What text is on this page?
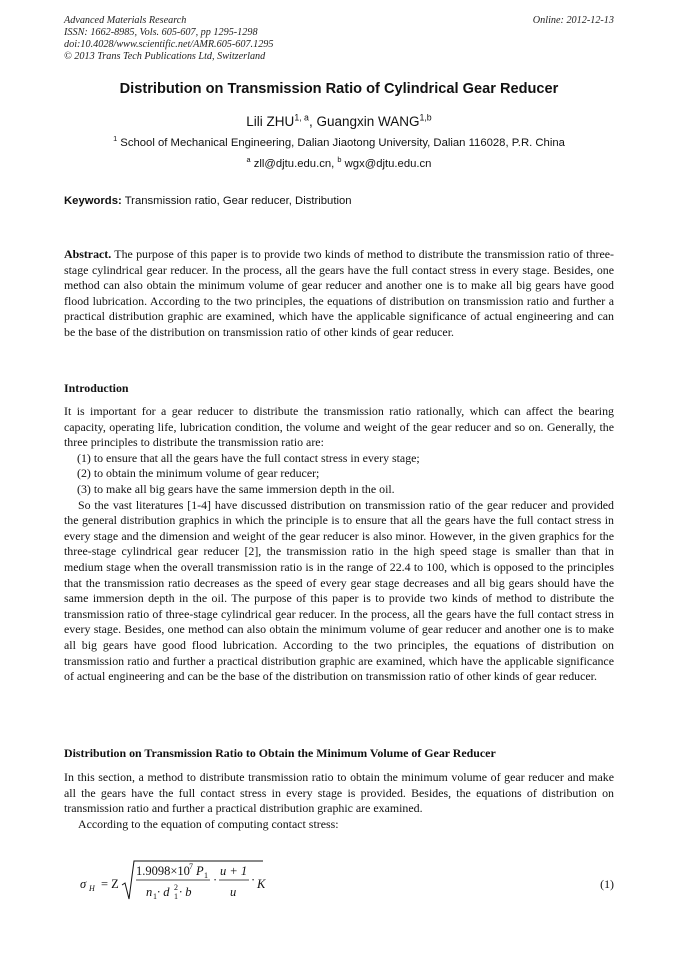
Advanced Materials Research
ISSN: 1662-8985, Vols. 605-607, pp 1295-1298
doi:10.4028/www.scientific.net/AMR.605-607.1295
© 2013 Trans Tech Publications Ltd, Switzerland
Online: 2012-12-13
Distribution on Transmission Ratio of Cylindrical Gear Reducer
Lili ZHU$^{1, a}$, Guangxin WANG$^{1,b}$
$^1$ School of Mechanical Engineering, Dalian Jiaotong University, Dalian 116028, P.R. China
$^a$ zll@djtu.edu.cn, $^b$ wgx@djtu.edu.cn
Keywords: Transmission ratio, Gear reducer, Distribution
Abstract. The purpose of this paper is to provide two kinds of method to distribute the transmission ratio of three-stage cylindrical gear reducer. In the process, all the gears have the full contact stress in every stage. Besides, one method can also obtain the minimum volume of gear reducer and another one is to make all big gears have good flood lubrication. According to the two principles, the equations of distribution on transmission ratio and further a practical distribution graphic are examined, which have the applicable significance of actual engineering and can be the base of the distribution on transmission ratio of other kinds of gear reducer.
Introduction

It is important for a gear reducer to distribute the transmission ratio rationally, which can affect the bearing capacity, operating life, lubrication condition, the volume and weight of the gear reducer and so on. Generally, the three principles to distribute the transmission ratio are:

(1) to ensure that all the gears have the full contact stress in every stage;

(2) to obtain the minimum volume of gear reducer;

(3) to make all big gears have the same immersion depth in the oil.

So the vast literatures [1-4] have discussed distribution on transmission ratio of the gear reducer and provided the general distribution graphics in which the principle is to ensure that all the gears have the full contact stress in every stage and the dimension and weight of the gear reducer is also minor. However, in the given graphics for the three-stage cylindrical gear reducer [2], the transmission ratio in the high speed stage is smaller than that in medium stage when the overall transmission ratio is in the range of 22.4 to 100, which is opposed to the principles that the transmission ratio decreases as the speed of every gear stage decreases and all big gears should have the same immersion depth in the oil. The purpose of this paper is to provide two kinds of method to distribute the transmission ratio of three-stage cylindrical gear reducer. In the process, all the gears have the full contact stress in every stage. Besides, one method can also obtain the minimum volume of gear reducer and another one is to make all big gears have good flood lubrication. According to the two principles, the equations of distribution on transmission ratio and further a practical distribution graphic are examined, which have the applicable significance of actual engineering and can be the base of the distribution on transmission ratio of other kinds of gear reducer.

Distribution on Transmission Ratio to Obtain the Minimum Volume of Gear Reducer

In this section, a method to distribute transmission ratio to obtain the minimum volume of gear reducer and make all the gears have the full contact stress in every stage is provided. Besides, the equations of distribution on transmission ratio and further a practical distribution graphic are examined.

According to the equation of computing contact stress:

σ H = Z
1.9098×10 7 P 1
n 1 · d 1
2 · b
·
u + 1
u
· K	(1)
